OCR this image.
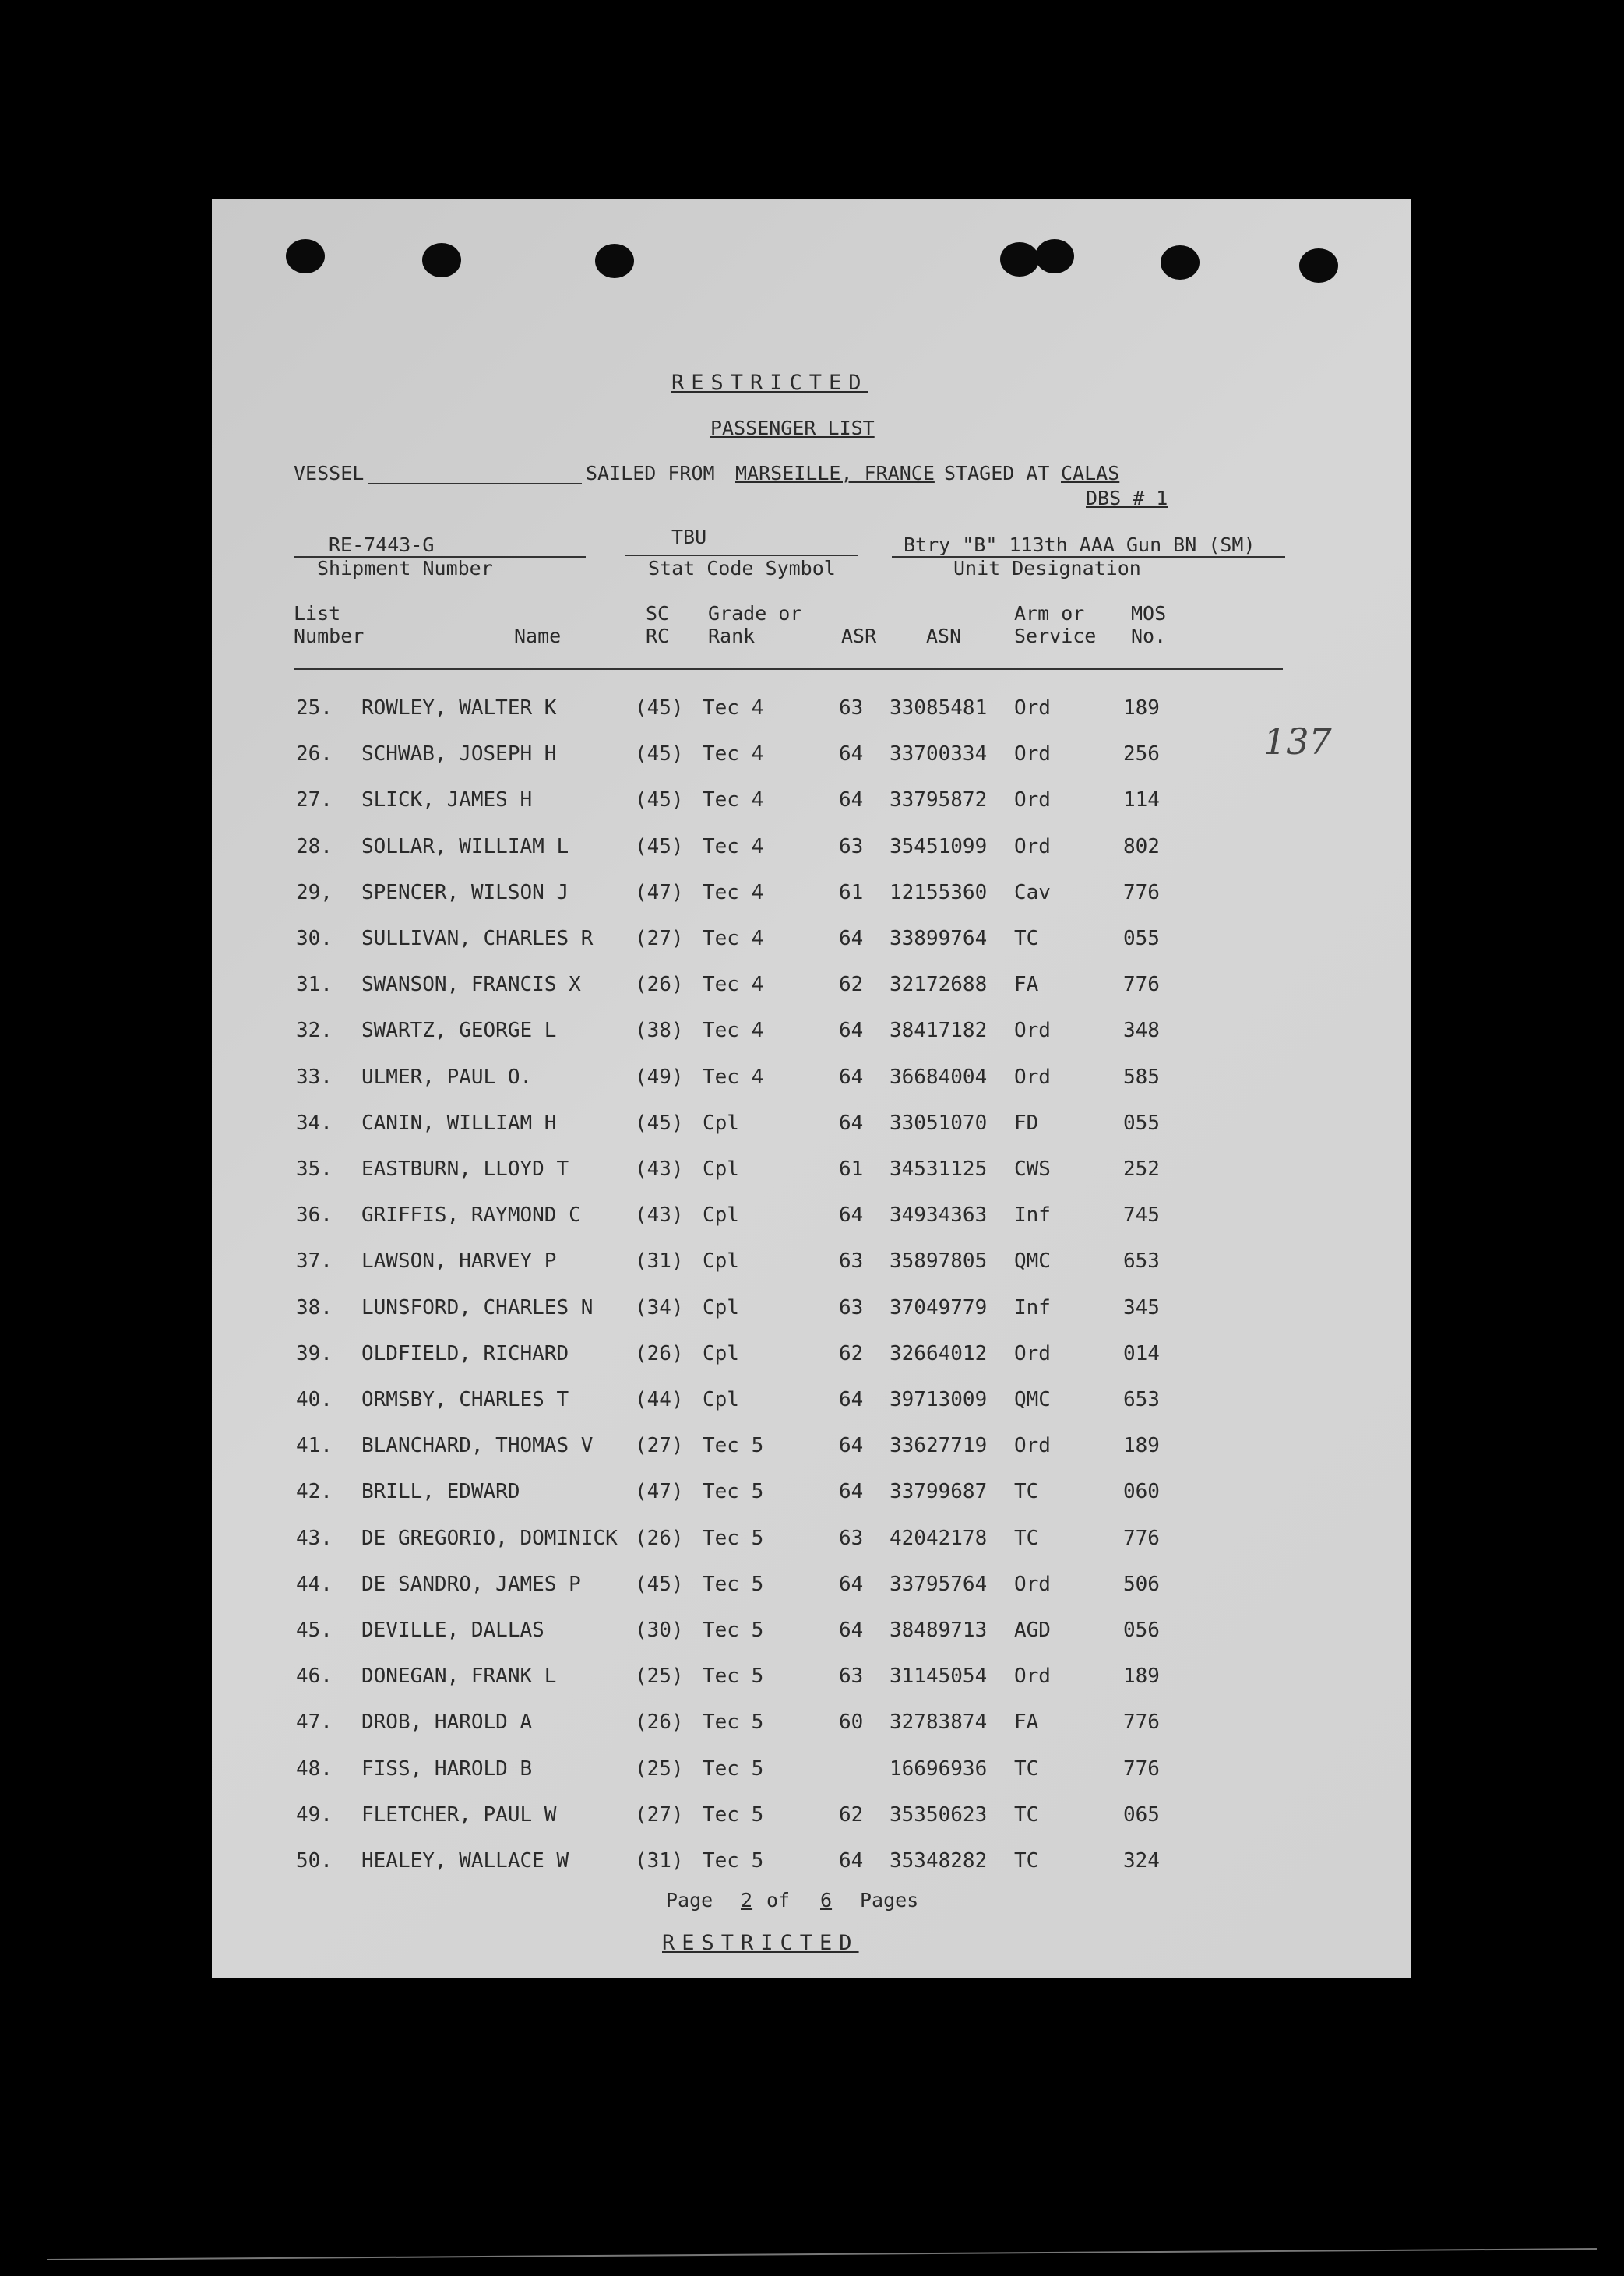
RESTRICTED
PASSENGER LIST
VESSEL	SAILED FROM MARSEILLE, FRANCE STAGED AT CALAS
DBS # 1
RE-7443-G
Shipment Number
TBU
Stat Code Symbol
Btry "B" 113th AAA Gun BN (SM)
Unit Designation
List
Number	Name
SC
RC
Grade or
Rank	ASR	ASN
Arm or
Service
MOS
No.
25.	ROWLEY, WALTER K	(45) Tec 4	63 33085481 Ord	189
26.	SCHWAB, JOSEPH H	(45) Tec 4	64 33700334 Ord	256
27.	SLICK, JAMES H	(45) Tec 4	64 33795872 Ord	114
28.	SOLLAR, WILLIAM L	(45) Tec 4	63 35451099 Ord	802
29,	SPENCER, WILSON J	(47) Tec 4	61 12155360 Cav	776
30.	SULLIVAN, CHARLES R (27) Tec 4	64 33899764 TC	055
31.	SWANSON, FRANCIS X	(26) Tec 4	62 32172688 FA	776
32.	SWARTZ, GEORGE L	(38) Tec 4	64 38417182 Ord	348
33.	ULMER, PAUL O.	(49) Tec 4	64 36684004 Ord	585
34.	CANIN, WILLIAM H	(45) Cpl	64 33051070 FD	055
35.	EASTBURN, LLOYD T	(43) Cpl	61 34531125 CWS	252
36.	GRIFFIS, RAYMOND C	(43) Cpl	64 34934363 Inf	745
37.	LAWSON, HARVEY P	(31) Cpl	63 35897805 QMC	653
38.	LUNSFORD, CHARLES N (34) Cpl	63 37049779 Inf	345
39.	OLDFIELD, RICHARD	(26) Cpl	62 32664012 Ord	014
40.	ORMSBY, CHARLES T	(44) Cpl	64 39713009 QMC	653
41.	BLANCHARD, THOMAS V (27) Tec 5	64 33627719 Ord	189
42.	BRILL, EDWARD	(47) Tec 5	64 33799687 TC	060
43.	DE GREGORIO, DOMINICK (26) Tec 5	63 42042178 TC	776
44.	DE SANDRO, JAMES P	(45) Tec 5	64 33795764 Ord	506
45.	DEVILLE, DALLAS	(30) Tec 5	64 38489713 AGD	056
46.	DONEGAN, FRANK L	(25) Tec 5	63 31145054 Ord	189
47.	DROB, HAROLD A	(26) Tec 5	60 32783874 FA	776
48.	FISS, HAROLD B	(25) Tec 5	16696936 TC	776
49.	FLETCHER, PAUL W	(27) Tec 5	62 35350623 TC	065
50.	HEALEY, WALLACE W	(31) Tec 5	64 35348282 TC	324
137
Page	2 of	6	Pages
RESTRICTED
